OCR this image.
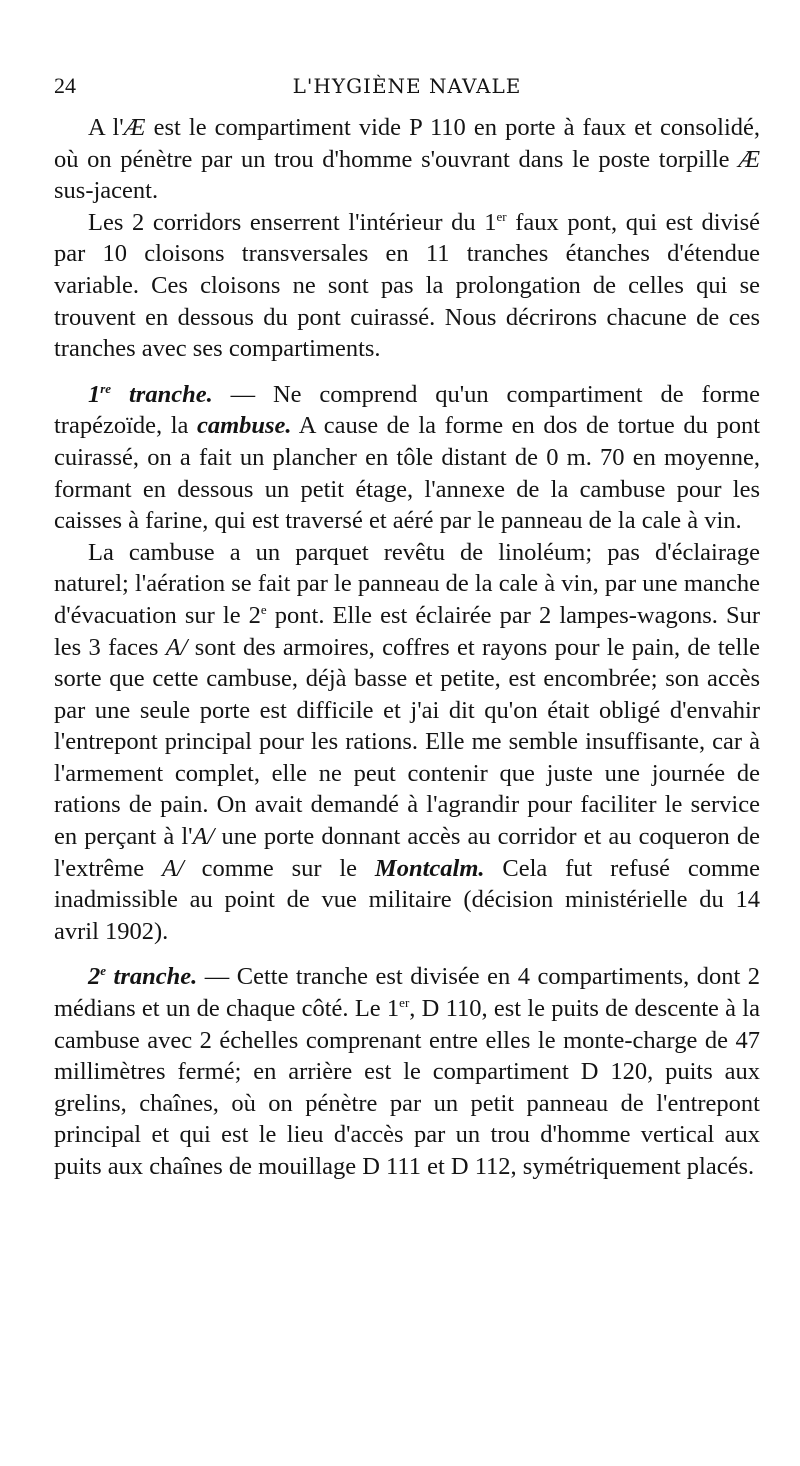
24	L'HYGIÈNE NAVALE

A l'Æ est le compartiment vide P 110 en porte à faux et consolidé, où on pénètre par un trou d'homme s'ouvrant dans le poste torpille Æ sus-jacent.

Les 2 corridors enserrent l'intérieur du 1er faux pont, qui est divisé par 10 cloisons transversales en 11 tranches étanches d'étendue variable. Ces cloisons ne sont pas la prolongation de celles qui se trouvent en dessous du pont cuirassé. Nous décrirons chacune de ces tranches avec ses compartiments.

1re tranche. — Ne comprend qu'un compartiment de forme trapézoïde, la cambuse. A cause de la forme en dos de tortue du pont cuirassé, on a fait un plancher en tôle distant de 0 m. 70 en moyenne, formant en dessous un petit étage, l'annexe de la cambuse pour les caisses à farine, qui est traversé et aéré par le panneau de la cale à vin.

La cambuse a un parquet revêtu de linoléum; pas d'éclairage naturel; l'aération se fait par le panneau de la cale à vin, par une manche d'évacuation sur le 2e pont. Elle est éclairée par 2 lampes-wagons. Sur les 3 faces A/ sont des armoires, coffres et rayons pour le pain, de telle sorte que cette cambuse, déjà basse et petite, est encombrée; son accès par une seule porte est difficile et j'ai dit qu'on était obligé d'envahir l'entrepont principal pour les rations. Elle me semble insuffisante, car à l'armement complet, elle ne peut contenir que juste une journée de rations de pain. On avait demandé à l'agrandir pour faciliter le service en perçant à l'A/ une porte donnant accès au corridor et au coqueron de l'extrême A/ comme sur le Montcalm. Cela fut refusé comme inadmissible au point de vue militaire (décision ministérielle du 14 avril 1902).

2e tranche. — Cette tranche est divisée en 4 compartiments, dont 2 médians et un de chaque côté. Le 1er, D 110, est le puits de descente à la cambuse avec 2 échelles comprenant entre elles le monte-charge de 47 millimètres fermé; en arrière est le compartiment D 120, puits aux grelins, chaînes, où on pénètre par un petit panneau de l'entrepont principal et qui est le lieu d'accès par un trou d'homme vertical aux puits aux chaînes de mouillage D 111 et D 112, symétriquement placés.
